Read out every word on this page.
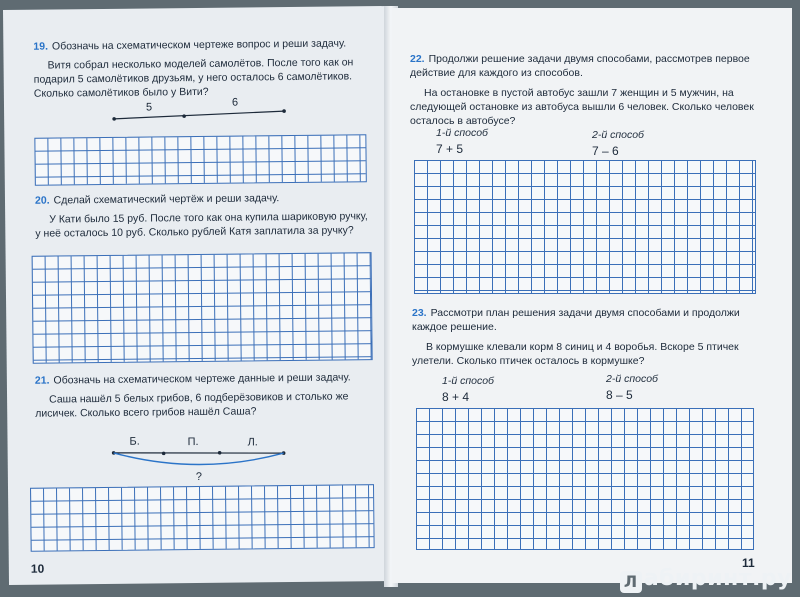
19. Обозначь на схематическом чертеже вопрос и реши задачу.

Витя собрал несколько моделей самолётов. После того как он подарил 5 самолётиков друзьям, у него осталось 6 самолётиков. Сколько самолётиков было у Вити?

5	6

20. Сделай схематический чертёж и реши задачу.

У Кати было 15 руб. После того как она купила шариковую ручку, у неё осталось 10 руб. Сколько рублей Катя заплатила за ручку?

21. Обозначь на схематическом чертеже данные и реши задачу.

Саша нашёл 5 белых грибов, 6 подберёзовиков и столько же лисичек. Сколько всего грибов нашёл Саша?

Б.	П.	Л.
?
10

22. Продолжи решение задачи двумя способами, рассмотрев первое действие для каждого из способов.

На остановке в пустой автобус зашли 7 женщин и 5 мужчин, на следующей остановке из автобуса вышли 6 человек. Сколько человек осталось в автобусе?

1-й способ
7 + 5
2-й способ
7 – 6

23. Рассмотри план решения задачи двумя способами и продолжи каждое решение.

В кормушке клевали корм 8 синиц и 4 воробья. Вскоре 5 птичек улетели. Сколько птичек осталось в кормушке?

1-й способ
8 + 4
2-й способ
8 – 5
11
Л абиринт.ру
